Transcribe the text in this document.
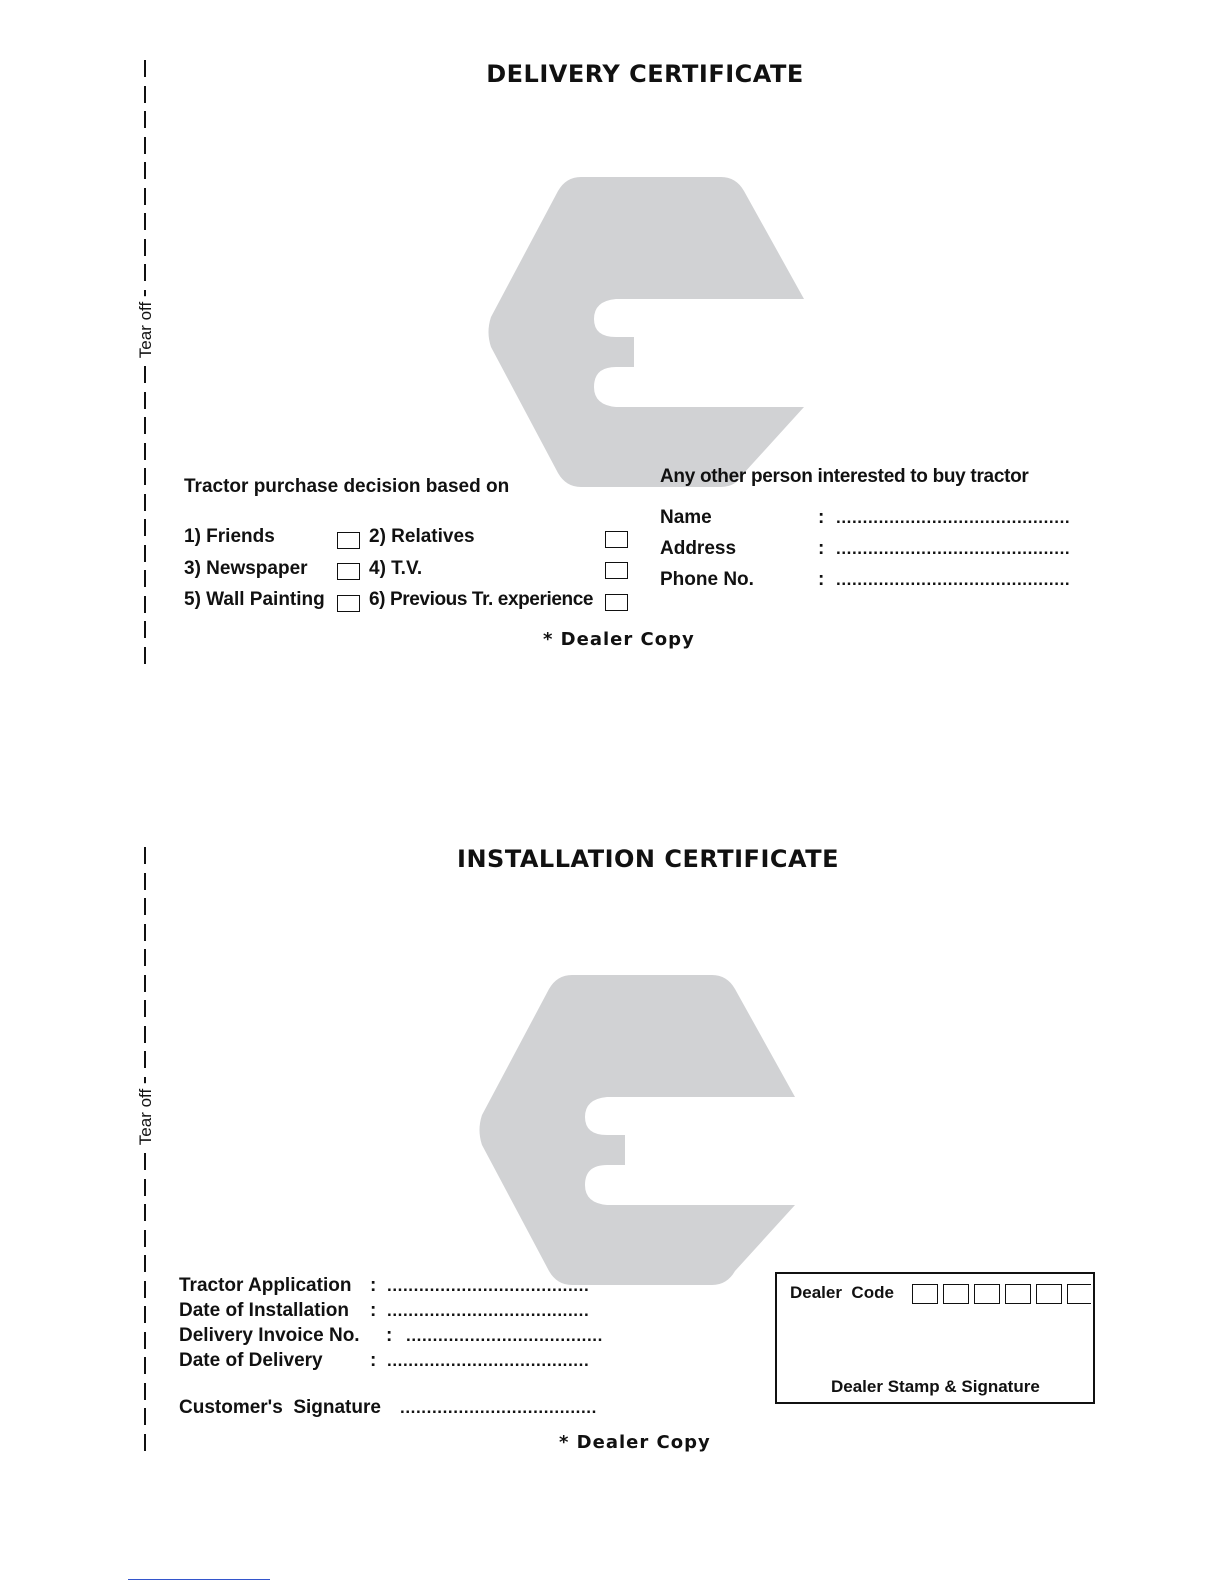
Tear off
DELIVERY CERTIFICATE
Tractor purchase decision based on
1) Friends	2) Relatives
3) Newspaper	4) T.V.
5) Wall Painting 6) Previous Tr. experience
Any other person interested to buy tractor
Name	: ............................................
Address	: ............................................
Phone No.	: ............................................
* Dealer Copy
Tear off
INSTALLATION CERTIFICATE
Tractor Application : ......................................
Date of Installation : ......................................
Delivery Invoice No. : .....................................
Date of Delivery : ......................................
Customer's  Signature .....................................
Dealer  Code
Dealer Stamp & Signature
* Dealer Copy
